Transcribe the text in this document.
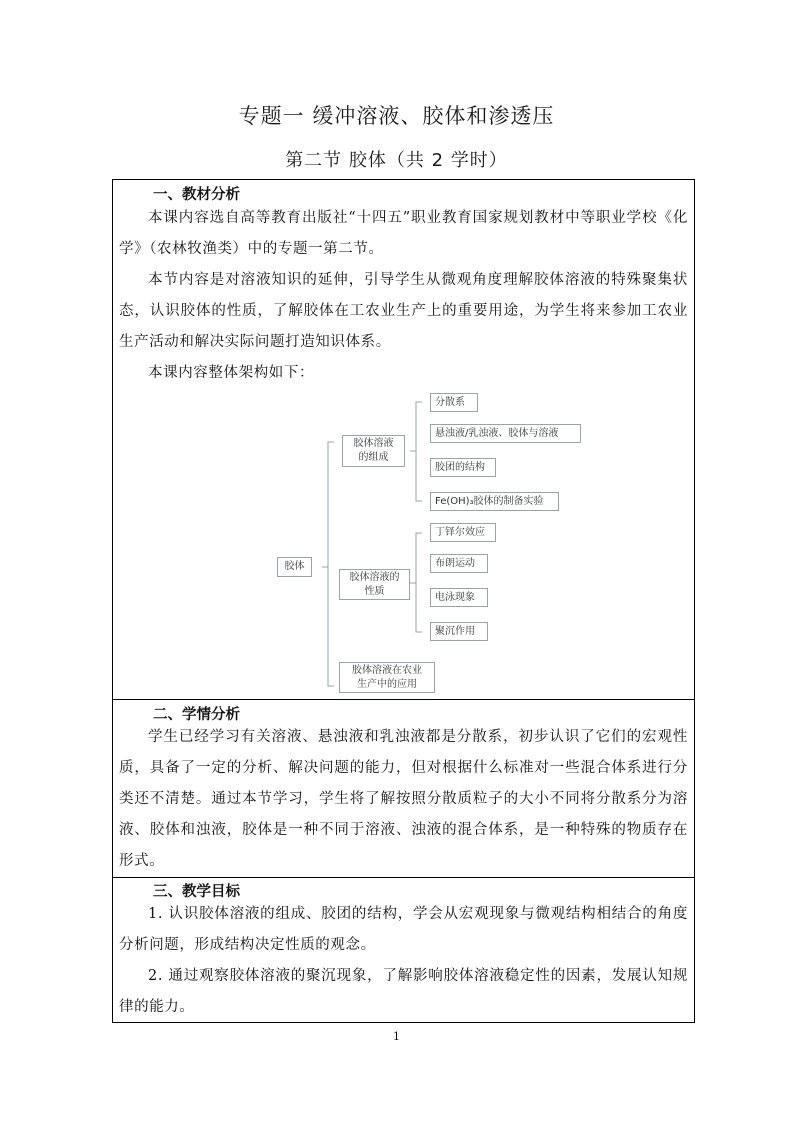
专题一 缓冲溶液、胶体和渗透压
第二节 胶体（共 2 学时）
一、教材分析
本课内容选自高等教育出版社“十四五”职业教育国家规划教材中等职业学校《化学》（农林牧渔类）中的专题一第二节。
本节内容是对溶液知识的延伸，引导学生从微观角度理解胶体溶液的特殊聚集状态，认识胶体的性质，了解胶体在工农业生产上的重要用途，为学生将来参加工农业生产活动和解决实际问题打造知识体系。
本课内容整体架构如下：
胶体
胶体溶液
的组成
胶体溶液的
性质
胶体溶液在农业
生产中的应用
分散系
悬浊液/乳浊液、胶体与溶液
胶团的结构
Fe(OH)₃胶体的制备实验
丁铎尔效应
布朗运动
电泳现象
聚沉作用
二、学情分析
学生已经学习有关溶液、悬浊液和乳浊液都是分散系，初步认识了它们的宏观性质，具备了一定的分析、解决问题的能力，但对根据什么标准对一些混合体系进行分类还不清楚。通过本节学习，学生将了解按照分散质粒子的大小不同将分散系分为溶液、胶体和浊液，胶体是一种不同于溶液、浊液的混合体系，是一种特殊的物质存在形式。
三、教学目标
1. 认识胶体溶液的组成、胶团的结构，学会从宏观现象与微观结构相结合的角度分析问题，形成结构决定性质的观念。
2. 通过观察胶体溶液的聚沉现象，了解影响胶体溶液稳定性的因素，发展认知规律的能力。
1
